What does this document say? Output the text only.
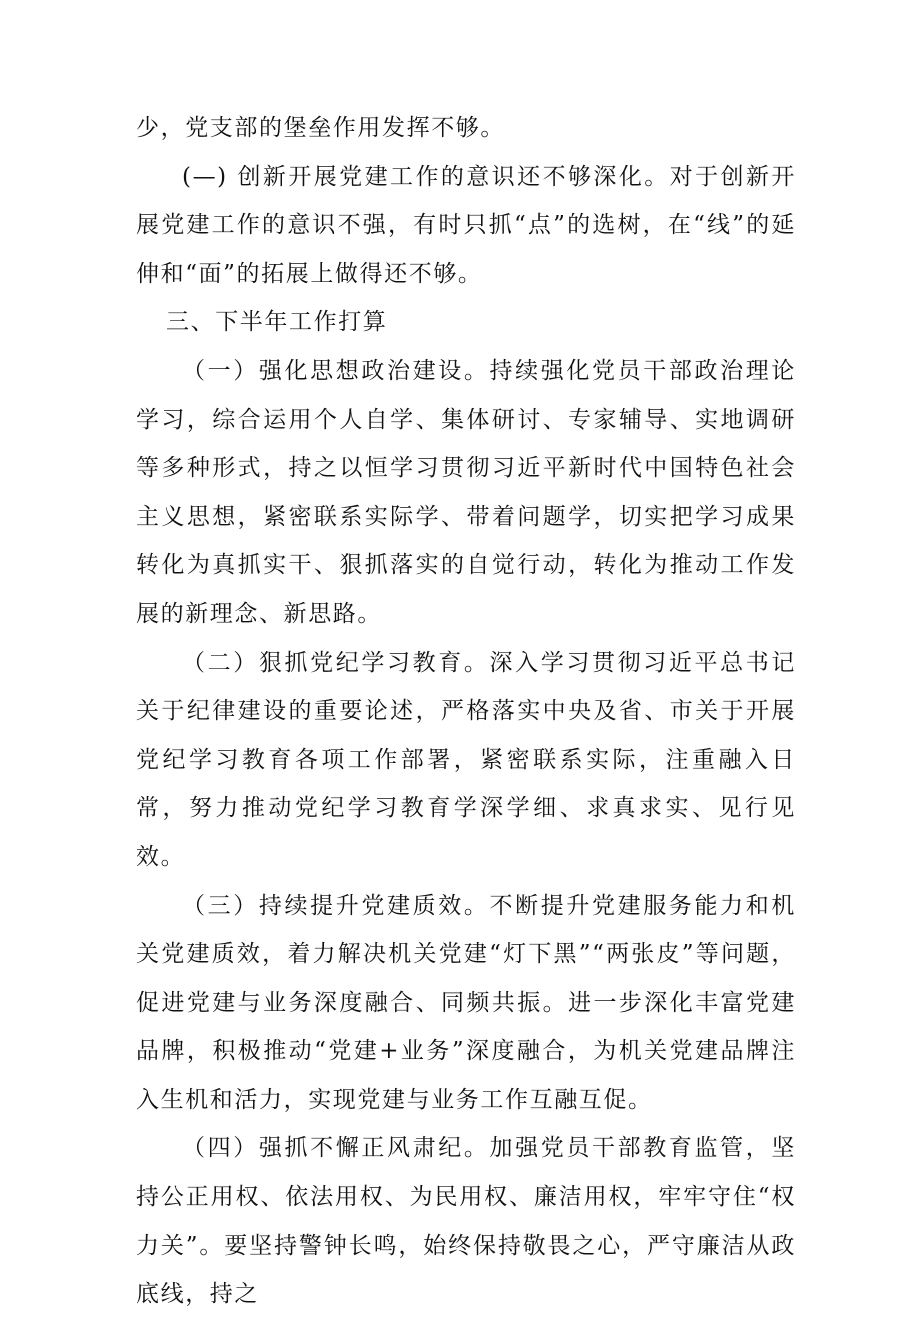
少，党支部的堡垒作用发挥不够。

(—) 创新开展党建工作的意识还不够深化。对于创新开展党建工作的意识不强，有时只抓“点”的选树，在“线”的延伸和“面”的拓展上做得还不够。

三、下半年工作打算

（一）强化思想政治建设。持续强化党员干部政治理论学习，综合运用个人自学、集体研讨、专家辅导、实地调研等多种形式，持之以恒学习贯彻习近平新时代中国特色社会主义思想，紧密联系实际学、带着问题学，切实把学习成果转化为真抓实干、狠抓落实的自觉行动，转化为推动工作发展的新理念、新思路。

（二）狠抓党纪学习教育。深入学习贯彻习近平总书记关于纪律建设的重要论述，严格落实中央及省、市关于开展党纪学习教育各项工作部署，紧密联系实际，注重融入日常，努力推动党纪学习教育学深学细、求真求实、见行见效。

（三）持续提升党建质效。不断提升党建服务能力和机关党建质效，着力解决机关党建“灯下黑”“两张皮”等问题，促进党建与业务深度融合、同频共振。进一步深化丰富党建品牌，积极推动“党建+业务”深度融合，为机关党建品牌注入生机和活力，实现党建与业务工作互融互促。

（四）强抓不懈正风肃纪。加强党员干部教育监管，坚持公正用权、依法用权、为民用权、廉洁用权，牢牢守住“权力关”。要坚持警钟长鸣，始终保持敬畏之心，严守廉洁从政底线，持之
